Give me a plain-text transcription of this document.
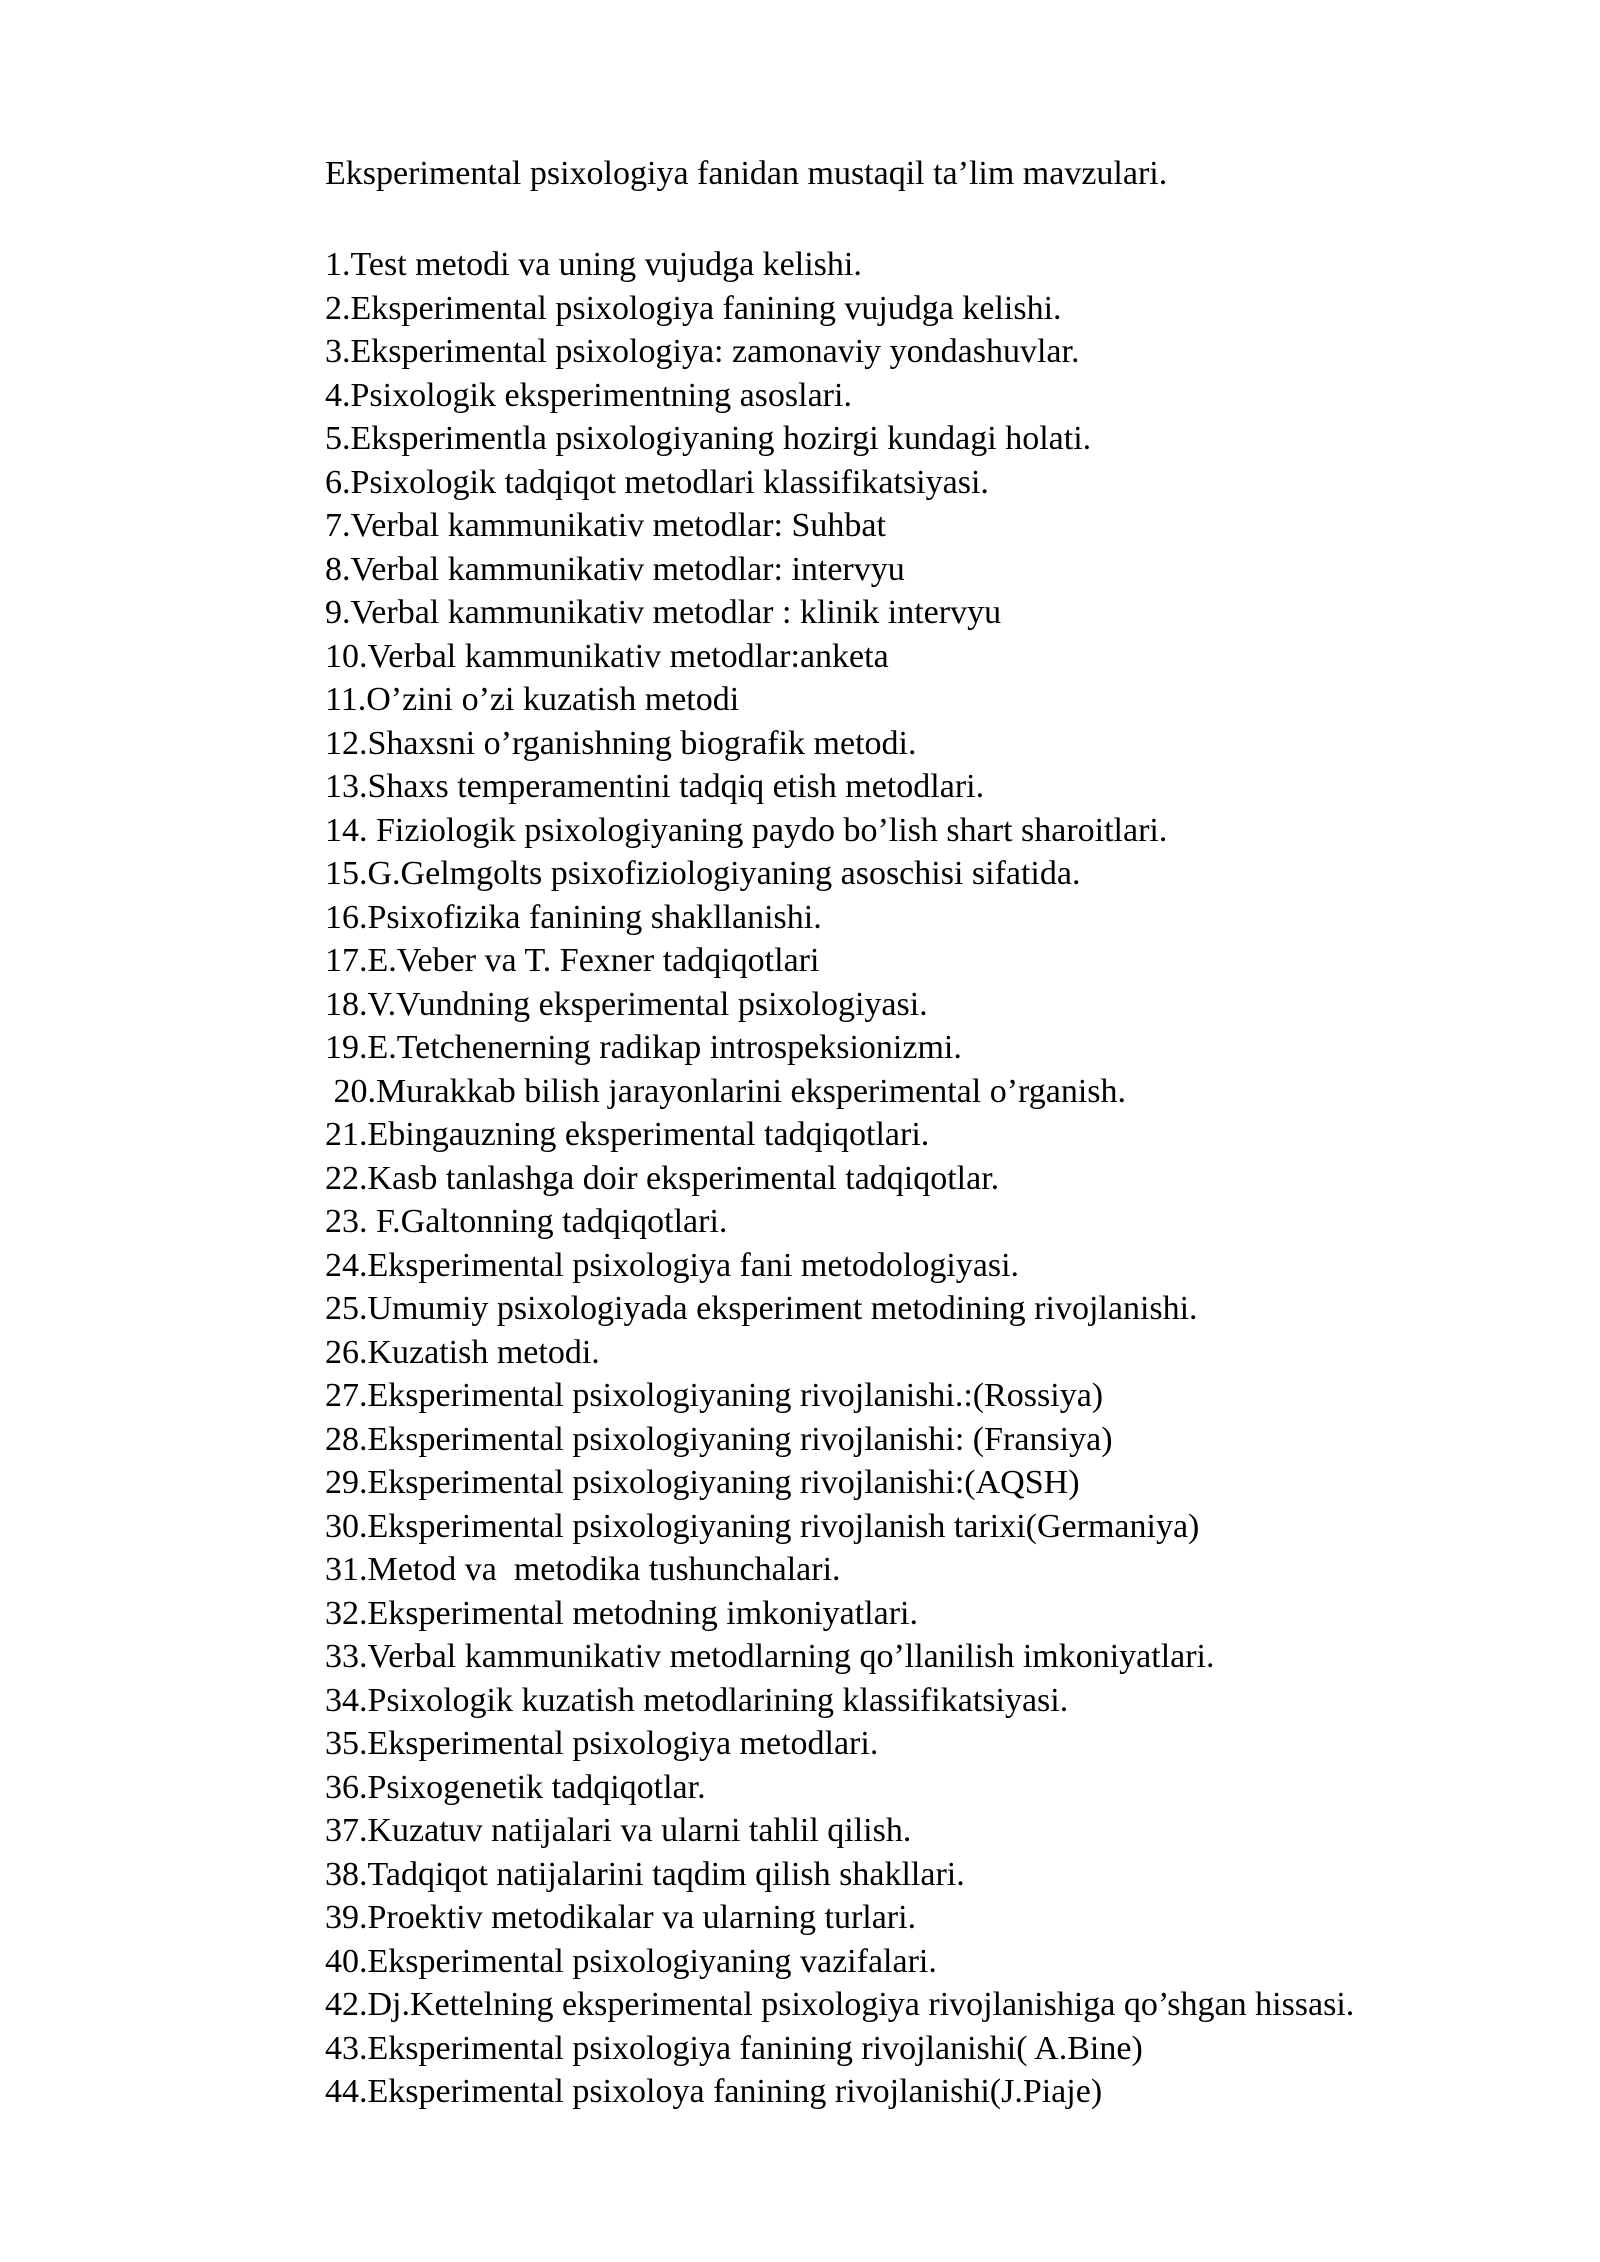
Eksperimental psixologiya fanidan mustaqil ta’lim mavzulari.
1.Test metodi va uning vujudga kelishi.
2.Eksperimental psixologiya fanining vujudga kelishi.
3.Eksperimental psixologiya: zamonaviy yondashuvlar.
4.Psixologik eksperimentning asoslari.
5.Eksperimentla psixologiyaning hozirgi kundagi holati.
6.Psixologik tadqiqot metodlari klassifikatsiyasi.
7.Verbal kammunikativ metodlar: Suhbat
8.Verbal kammunikativ metodlar: intervyu
9.Verbal kammunikativ metodlar : klinik intervyu
10.Verbal kammunikativ metodlar:anketa
11.O’zini o’zi kuzatish metodi
12.Shaxsni o’rganishning biografik metodi.
13.Shaxs temperamentini tadqiq etish metodlari.
14. Fiziologik psixologiyaning paydo bo’lish shart sharoitlari.
15.G.Gelmgolts psixofiziologiyaning asoschisi sifatida.
16.Psixofizika fanining shakllanishi.
17.E.Veber va T. Fexner tadqiqotlari
18.V.Vundning eksperimental psixologiyasi.
19.E.Tetchenerning radikap introspeksionizmi.
20.Murakkab bilish jarayonlarini eksperimental o’rganish.
21.Ebingauzning eksperimental tadqiqotlari.
22.Kasb tanlashga doir eksperimental tadqiqotlar.
23. F.Galtonning tadqiqotlari.
24.Eksperimental psixologiya fani metodologiyasi.
25.Umumiy psixologiyada eksperiment metodining rivojlanishi.
26.Kuzatish metodi.
27.Eksperimental psixologiyaning rivojlanishi.:(Rossiya)
28.Eksperimental psixologiyaning rivojlanishi: (Fransiya)
29.Eksperimental psixologiyaning rivojlanishi:(AQSH)
30.Eksperimental psixologiyaning rivojlanish tarixi(Germaniya)
31.Metod va  metodika tushunchalari.
32.Eksperimental metodning imkoniyatlari.
33.Verbal kammunikativ metodlarning qo’llanilish imkoniyatlari.
34.Psixologik kuzatish metodlarining klassifikatsiyasi.
35.Eksperimental psixologiya metodlari.
36.Psixogenetik tadqiqotlar.
37.Kuzatuv natijalari va ularni tahlil qilish.
38.Tadqiqot natijalarini taqdim qilish shakllari.
39.Proektiv metodikalar va ularning turlari.
40.Eksperimental psixologiyaning vazifalari.
42.Dj.Kettelning eksperimental psixologiya rivojlanishiga qo’shgan hissasi.
43.Eksperimental psixologiya fanining rivojlanishi( A.Bine)
44.Eksperimental psixoloya fanining rivojlanishi(J.Piaje)
